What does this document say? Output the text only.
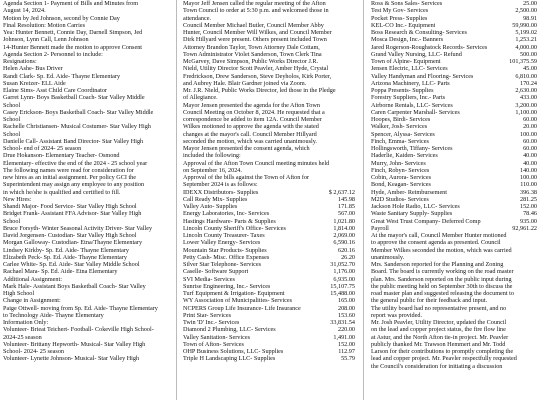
Agenda Section 1- Payment of Bills and Minutes from
August 14, 2024.
Motion by Jed Johnson, second by Connie Day
Final Resolution: Motion Carries
Yea: Hunter Bennett, Connie Day, Darnell Simpson, Jed
Johnson, Lynn Call, Lenn Johnson
14-Hunter Bennett made the motion to approve Consent
Agenda Section 2- Personnel to include:
Resignations:
Helen Ashe- Bus Driver
Randi Clark- Sp. Ed. Aide- Thayne Elementary
Susan Kreizer- ELL Aide
Elaine Sims- Asst Child Care Coordinator
Garret Lynn- Boys Basketball Coach- Star Valley Middle
School
Casey Erickson- Boys Basketball Coach- Star Valley Middle
School
Rachelle Christiansen- Musical Costumer- Star Valley High
School
Danielle Call- Assistant Band Director- Star Valley High
School- end of 2024- 25 season
Drue Hokanson- Elementary Teacher- Osmond
Elementary- effective the end of the 2024 - 25 school year
The following names were read for consideration for
new hires as an initial assignment. Per policy GCI the
Superintendent may assign any employee to any position
in which he/she is qualified and certified to fill.
New Hires:
Shandi Major- Food Service- Star Valley High School
Bridget Frank- Assistant FFA Advisor- Star Valley High
School
Bruce Forsyth- Winter Seasonal Activity Driver- Star Valley
David Jorgensen- Custodian- Star Valley High School
Morgan Galloway- Custodian- Etna/Thayne Elementary
Lindsey Kirkby- Sp. Ed. Aide- Thayne Elementary
Elizabeth Peck- Sp. Ed. Aide- Thayne Elementary
Carlee White- Sp. Ed. Aide- Star Valley Middle School
Rachael Mara- Sp. Ed. Aide- Etna Elementary
Additional Assignment:
Mark Hale- Assistant Boys Basketball Coach- Star Valley
High School
Change in Assignment:
Paige Ottwell- moving from Sp. Ed. Aide- Thayne Elementary
to Technology Aide- Thayne Elementary
Information Only:
Volunteer- Brieat Teichert- Football- Cokeville High School-
2024-25 season
Volunteer- Brittany Hepworth- Musical- Star Valley High
School- 2024- 25 season
Volunteer- Lynette Johnson- Musical- Star Valley High
Mayor Jeff Jensen called the regular meeting of the Afton
Town Council to order at 5:30 p.m. and welcomed those in
attendance.
Council Member Michael Butler, Council Member Abby
Hunter, Council Member Will Wilkes, and Council Member
Dirk Hillyard were present. Others present included Town
Attorney Brandon Taylor, Town Attorney Dale Cottam,
Town Administrator Violet Sanderson, Town Clerk Tina
McGarvey, Dave Simpson, Public Works Director J.R.
Nield, Utility Director Scott Peavler, Amber Hyde, Crystal
Fredrickson, Drew Sanderson, Steve Deyholos, Kirk Porter,
and Aubrey Hale. Blair Gardner joined via Zoom.
Mr. J.R. Nield, Public Works Director, led those in the Pledge
of Allegiance.
Mayor Jensen presented the agenda for the Afton Town
Council Meeting on October 8, 2024. He requested that a
correspondence be added to item 12A. Council Member
Wilkes motioned to approve the agenda with the stated
changes at the mayor's call. Council Member Hillyard
seconded the motion, which was carried unanimously.
Mayor Jensen presented the consent agenda, which
included the following:
Approval of the Afton Town Council meeting minutes held
on September 16, 2024.
Approval of the bills against the Town of Afton for
September 2024 is as follows:
IDEXX Distributors- Supplies	$ 2,637.12
Call Ready Mix- Supplies	145.98
Valley Auto- Supplies	171.85
Energy Laboratories, Inc- Services	567.00
Hastings Hardware- Parts & Supplies	1,021.80
Lincoln County Sheriff's Office- Services	1,814.00
Lincoln County Treasurer- Taxes	2,069.00
Lower Valley Energy- Services	6,590.16
Mountain Star Products- Supplies	620.16
Petty Cash- Misc. Office Expenses	26.20
Silver Star Telephone- Services	31,052.70
Caselle- Software Support	1,176.00
SVI Media- Services	6,935.00
Sunrise Engineering, Inc.- Services	15,107.75
Turf Equipment & Irrigation- Equipment	15,488.00
WY Association of Municipalities- Services	165.00
NCPERS Group Life Insurance- Life Insurance	208.00
Print Star- Services	153.60
Twin 'D' Inc.- Services	33,831.54
Diamond 2 Plumbing, LLC- Services	220.00
Valley Sanitation- Services	1,491.00
Town of Afton- Services	152.00
OHP Business Solutions, LLC- Supplies	112.97
Triple H Landscaping LLC- Supplies	55.79
Ross & Sons Sales- Services	25.00
Test My Gov- Services	2,500.00
Pocket Press- Supplies	98.91
KEL-CO Inc.- Equipment	59,990.00
Boss Research & Consulting- Services	5,199.02
Mosca Design, Inc.- Banners	1,253.21
Jared Rogerson-Roughstock Records- Services	4,000.00
Grand Valley Nursing, LLC- Refund	500.00
Town of Alpine- Equipment	101,375.59
Jensen Electric, LLC- Services	45.00
Valley Handyman and Flooring- Services	6,810.00
Arizona Machinery, LLC- Parts	170.24
Poppa Presents- Supplies	2,630.00
Forestry Suppliers, Inc.- Parts	433.00
Airborne Rentals, LLC- Services	3,200.00
Caren Carpenter Marshall- Services	1,100.00
Hoopes, Birdi- Services	60.00
Walker, Josh- Services	20.00
Spencer, Alyssa- Services	100.00
Finch, Emma- Services	60.00
Hollingsworth, Tiffany- Services	60.00
Haderlie, Kaiden- Services	40.00
Murry, John- Services	40.00
Finch, Robyn- Services	140.00
Cobin, Aurora- Services	100.00
Bond, Keagan- Services	110.00
Hyde, Amber- Reimbursement	396.38
M2D Studios- Services	281.25
Jackson Hole Radio, LLC- Services	152.00
Waste Sanitary Supply- Supplies	78.46
Great West Trust Company- Deferred Comp	935.00
Payroll	92,961.22
At the mayor's call, Council Member Hunter motioned
to approve the consent agenda as presented. Council
Member Wilkes seconded the motion, which was carried
unanimously.
Mrs. Sanderson reported for the Planning and Zoning
Board. The board is currently working on the road master
plan. Mrs. Sanderson reported on the public input during
the public meeting held on September 30th to discuss the
road master plan and suggested releasing the document to
the general public for their feedback and input.
The utility board had no representative present, and no
report was provided.
Mr. Josh Peavler, Utility Director, updated the Council
on the lead and copper project status, the fire flow line
at Astur, and the North Afton tie-in project. Mr. Peavler
publicly thanked Mr. Trawson Hemmert and Mr. Todd
Larson for their contributions to promptly completing the
lead and copper project. Mr. Peavler respectfully requested
the Council's consideration for initiating a discussion
